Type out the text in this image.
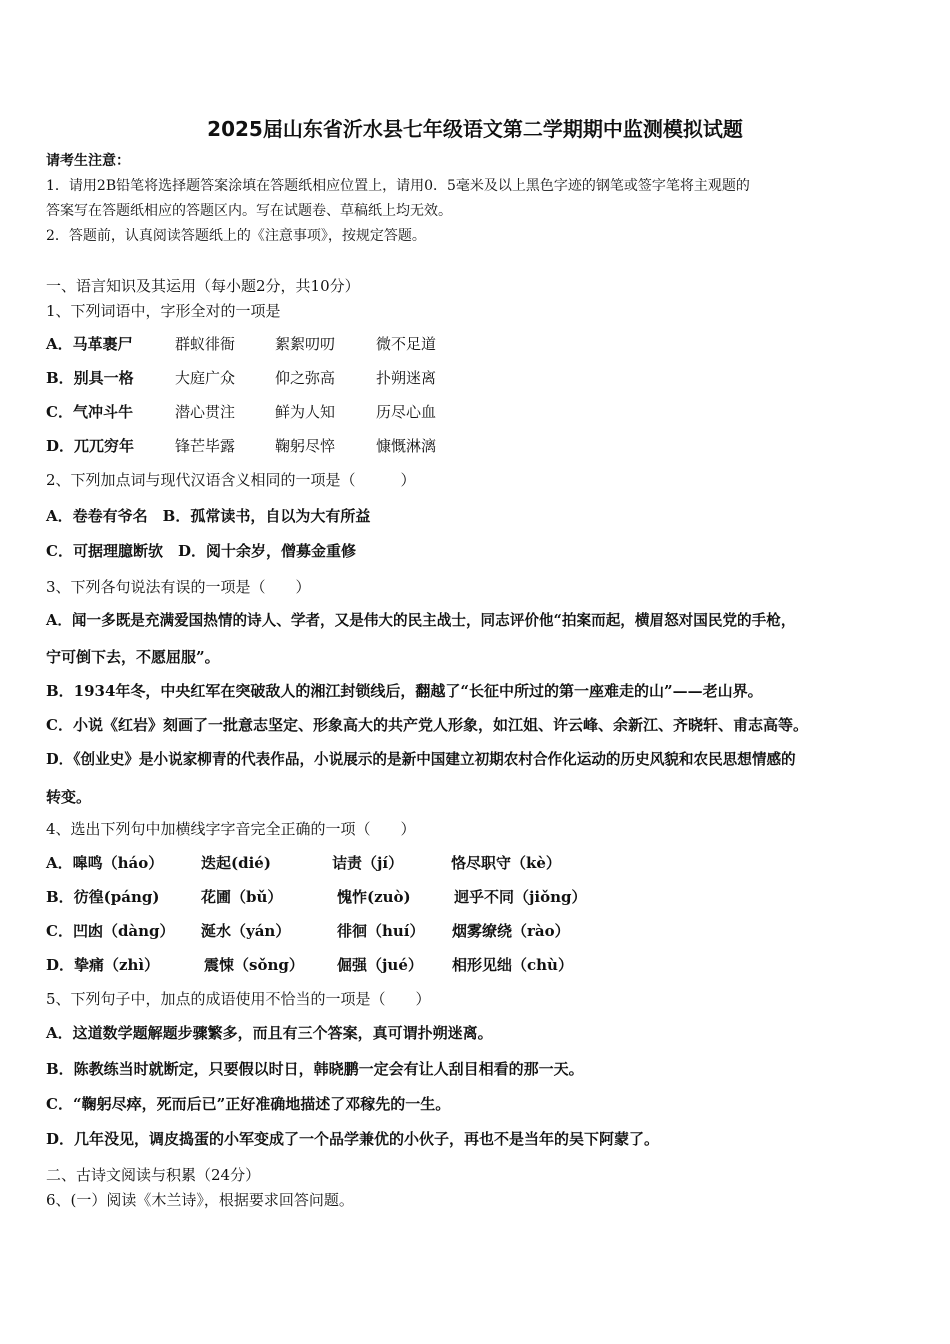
2025届山东省沂水县七年级语文第二学期期中监测模拟试题
请考生注意：
1．请用2B铅笔将选择题答案涂填在答题纸相应位置上，请用0．5毫米及以上黑色字迹的钢笔或签字笔将主观题的
答案写在答题纸相应的答题区内。写在试题卷、草稿纸上均无效。
2．答题前，认真阅读答题纸上的《注意事项》，按规定答题。
一、语言知识及其运用（每小题2分，共10分）
1、下列词语中，字形全对的一项是
A．马革裹尸	群蚁徘衙	絮絮叨叨	微不足道
B．别具一格	大庭广众	仰之弥高	扑朔迷离
C．气冲斗牛	潜心贯注	鲜为人知	历尽心血
D．兀兀穷年	锋芒毕露	鞠躬尽悴	慷慨淋漓
2、下列加点词与现代汉语含义相同的一项是（　　　）
A．卷卷有爷名　B．孤常读书，自以为大有所益
C．可据理臆断欤　D．阅十余岁，僧募金重修
3、下列各句说法有误的一项是（　　）
A．闻一多既是充满爱国热情的诗人、学者，又是伟大的民主战士，同志评价他“拍案而起，横眉怒对国民党的手枪，
宁可倒下去，不愿屈服”。
B．1934年冬，中央红军在突破敌人的湘江封锁线后，翻越了“长征中所过的第一座难走的山”——老山界。
C．小说《红岩》刻画了一批意志坚定、形象高大的共产党人形象，如江姐、许云峰、余新江、齐晓轩、甫志高等。
D．《创业史》是小说家柳青的代表作品，小说展示的是新中国建立初期农村合作化运动的历史风貌和农民思想情感的
转变。
4、选出下列句中加横线字字音完全正确的一项（　　）
A．嗥鸣（háo）	迭起(dié)	诘责（jí）	恪尽职守（kè）
B．彷徨(páng)	花圃（bǔ）	愧怍(zuò)	迥乎不同（jiǒng）
C．凹凼（dàng）	涎水（yán）	徘徊（huí）	烟雾缭绕（rào）
D．挚痛（zhì）	震悚（sǒng）	倔强（jué）	相形见绌（chù）
5、下列句子中，加点的成语使用不恰当的一项是（　　）
A．这道数学题解题步骤繁多，而且有三个答案，真可谓扑朔迷离。
B．陈教练当时就断定，只要假以时日，韩晓鹏一定会有让人刮目相看的那一天。
C．“鞠躬尽瘁，死而后已”正好准确地描述了邓稼先的一生。
D．几年没见，调皮捣蛋的小军变成了一个品学兼优的小伙子，再也不是当年的吴下阿蒙了。
二、古诗文阅读与积累（24分）
6、(一）阅读《木兰诗》，根据要求回答问题。
